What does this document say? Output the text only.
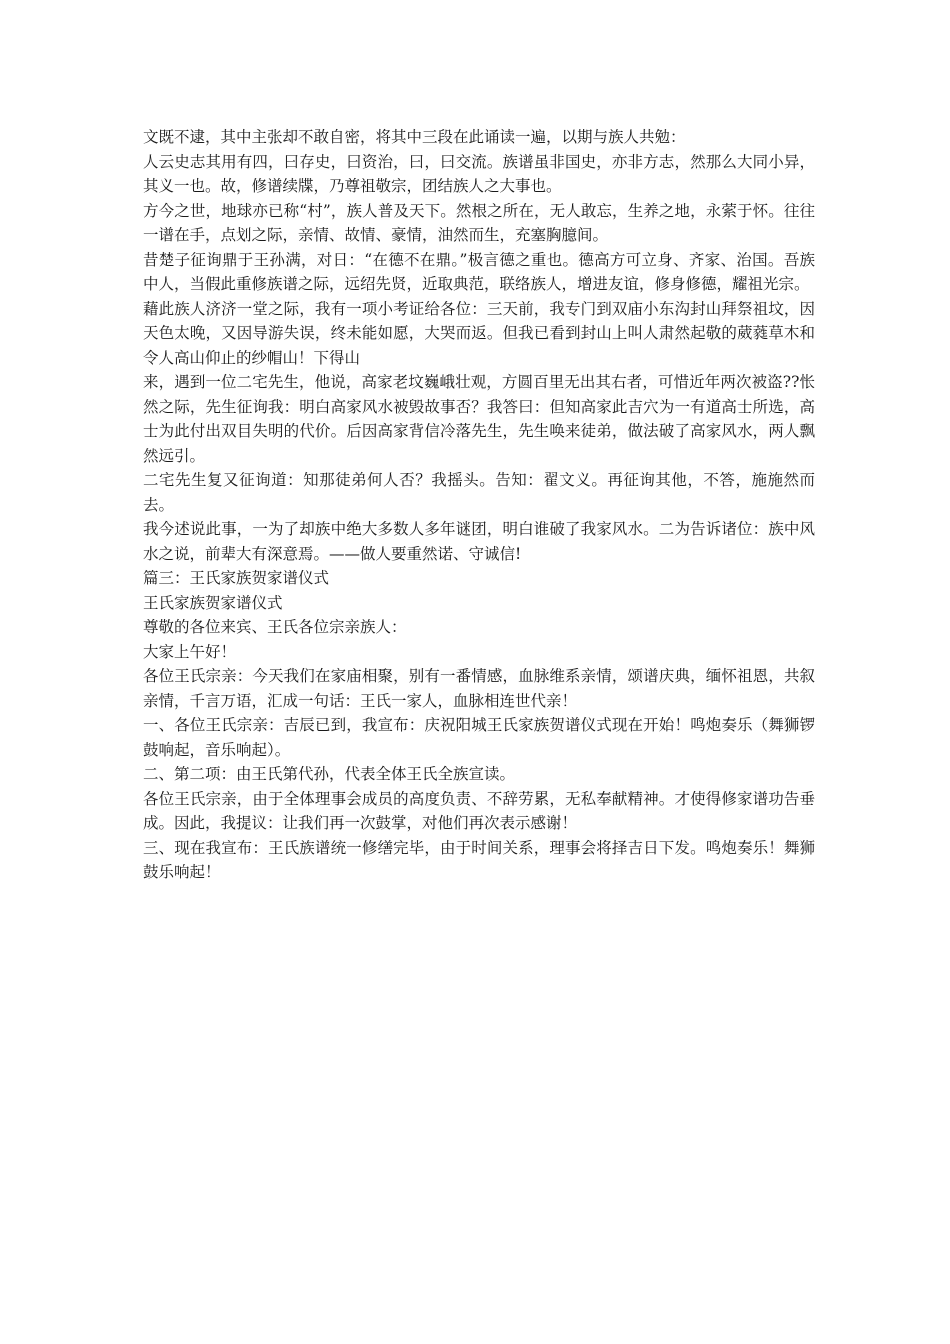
文既不逮，其中主张却不敢自密，将其中三段在此诵读一遍，以期与族人共勉：

人云史志其用有四，曰存史，曰资治，曰，曰交流。族谱虽非国史，亦非方志，然那么大同小异，其义一也。故，修谱续牒，乃尊祖敬宗，团结族人之大事也。

方今之世，地球亦已称“村”，族人普及天下。然根之所在，无人敢忘，生养之地，永萦于怀。往往一谱在手，点划之际，亲情、故情、豪情，油然而生，充塞胸臆间。

昔楚子征询鼎于王孙满，对日：“在德不在鼎。”极言德之重也。德高方可立身、齐家、治国。吾族中人，当假此重修族谱之际，远绍先贤，近取典范，联络族人，增进友谊，修身修德，耀祖光宗。

藉此族人济济一堂之际，我有一项小考证给各位：三天前，我专门到双庙小东沟封山拜祭祖坟，因天色太晚，又因导游失误，终未能如愿，大哭而返。但我已看到封山上叫人肃然起敬的葳蕤草木和令人高山仰止的纱帽山！下得山

来，遇到一位二宅先生，他说，高家老坟巍峨壮观，方圆百里无出其右者，可惜近年两次被盗??怅然之际，先生征询我：明白高家风水被毁故事否？我答曰：但知高家此吉穴为一有道高士所选，高士为此付出双目失明的代价。后因高家背信冷落先生，先生唤来徒弟，做法破了高家风水，两人飘然远引。

二宅先生复又征询道：知那徒弟何人否？我摇头。告知：翟文义。再征询其他，不答，施施然而去。

我今述说此事，一为了却族中绝大多数人多年谜团，明白谁破了我家风水。二为告诉诸位：族中风水之说，前辈大有深意焉。——做人要重然诺、守诚信!

篇三：王氏家族贺家谱仪式

王氏家族贺家谱仪式

尊敬的各位来宾、王氏各位宗亲族人：

大家上午好！

各位王氏宗亲：今天我们在家庙相聚，别有一番情感，血脉维系亲情，颂谱庆典，缅怀祖恩，共叙亲情，千言万语，汇成一句话：王氏一家人，血脉相连世代亲！

一、各位王氏宗亲：吉辰已到，我宣布：庆祝阳城王氏家族贺谱仪式现在开始！鸣炮奏乐（舞狮锣鼓响起，音乐响起）。

二、第二项：由王氏第代孙，代表全体王氏全族宣读。

各位王氏宗亲，由于全体理事会成员的高度负责、不辞劳累，无私奉献精神。才使得修家谱功告垂成。因此，我提议：让我们再一次鼓掌，对他们再次表示感谢！

三、现在我宣布：王氏族谱统一修缮完毕，由于时间关系，理事会将择吉日下发。鸣炮奏乐！舞狮鼓乐响起！
